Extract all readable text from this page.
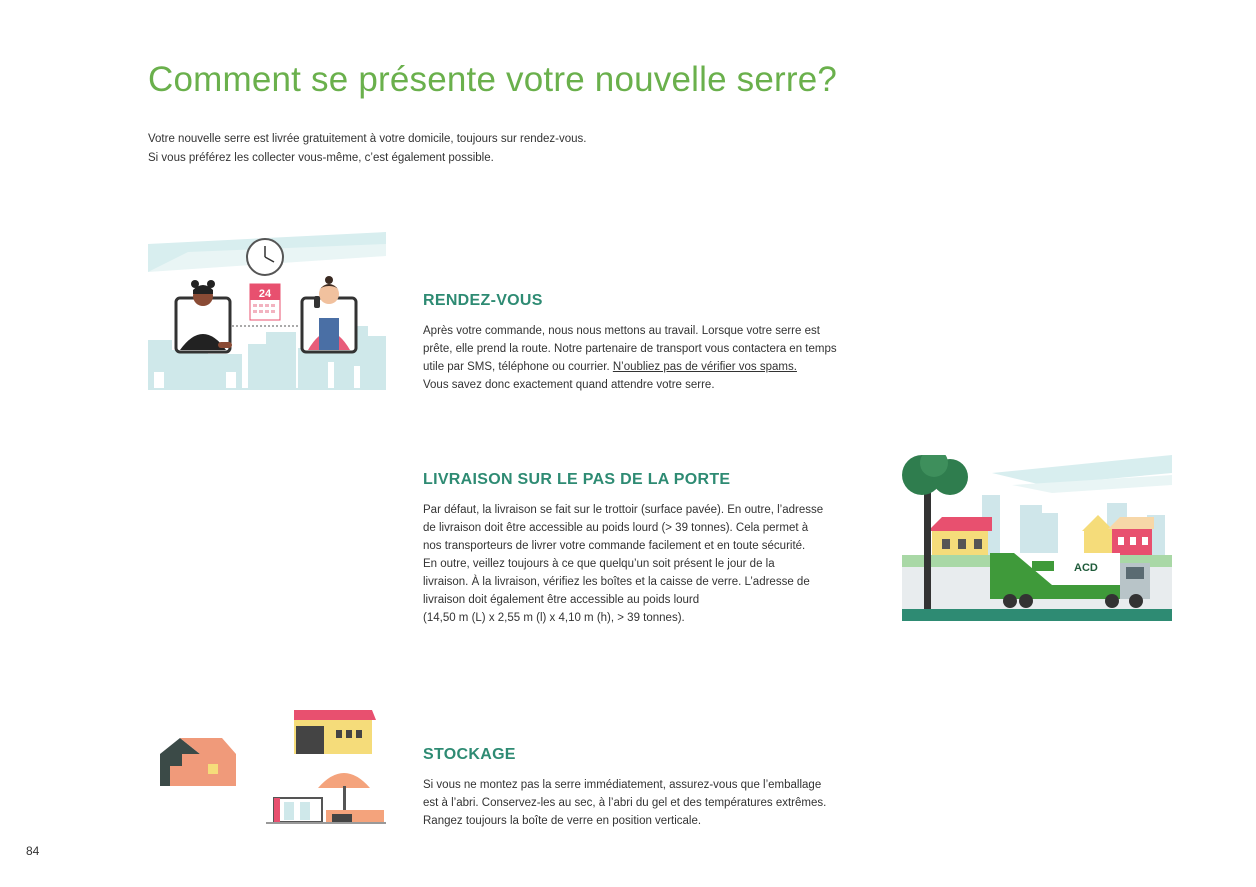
Comment se présente votre nouvelle serre?

Votre nouvelle serre est livrée gratuitement à votre domicile, toujours sur rendez-vous.

Si vous préférez les collecter vous-même, c’est également possible.

24	RENDEZ-VOUS

Après votre commande, nous nous mettons au travail. Lorsque votre serre est

prête, elle prend la route. Notre partenaire de transport vous contactera en temps

utile par SMS, téléphone ou courrier. N’oubliez pas de vérifier vos spams.

Vous savez donc exactement quand attendre votre serre.

LIVRAISON SUR LE PAS DE LA PORTE

Par défaut, la livraison se fait sur le trottoir (surface pavée). En outre, l’adresse

de livraison doit être accessible au poids lourd (> 39 tonnes). Cela permet à

nos transporteurs de livrer votre commande facilement et en toute sécurité.

En outre, veillez toujours à ce que quelqu’un soit présent le jour de la

livraison. À la livraison, vérifiez les boîtes et la caisse de verre. L’adresse de

livraison doit également être accessible au poids lourd

(14,50 m (L) x 2,55 m (l) x 4,10 m (h), > 39 tonnes).

ACD
STOCKAGE

Si vous ne montez pas la serre immédiatement, assurez-vous que l’emballage

est à l’abri. Conservez-les au sec, à l’abri du gel et des températures extrêmes.

Rangez toujours la boîte de verre en position verticale.

84
